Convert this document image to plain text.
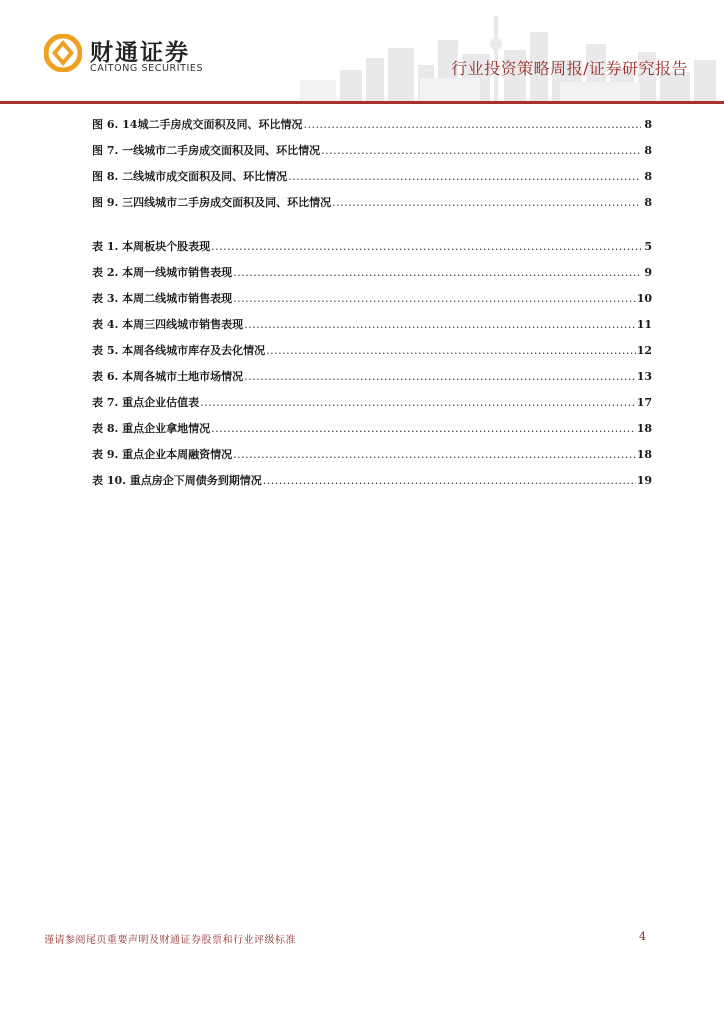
财通证券
CAITONG SECURITIES	行业投资策略周报/证券研究报告
图 6. 14城二手房成交面积及同、环比情况 .....	8
图 7. 一线城市二手房成交面积及同、环比情况 .....	8
图 8. 二线城市成交面积及同、环比情况 .....	8
图 9. 三四线城市二手房成交面积及同、环比情况 .....	8
表 1. 本周板块个股表现 .....	5
表 2. 本周一线城市销售表现 .....	9
表 3. 本周二线城市销售表现 .....	10
表 4. 本周三四线城市销售表现 .....	11
表 5. 本周各线城市库存及去化情况 .....	12
表 6. 本周各城市土地市场情况 .....	13
表 7. 重点企业估值表 .....	17
表 8. 重点企业拿地情况 .....	18
表 9. 重点企业本周融资情况 .....	18
表 10. 重点房企下周债务到期情况 .....	19
谨请参阅尾页重要声明及财通证券股票和行业评级标准	4
